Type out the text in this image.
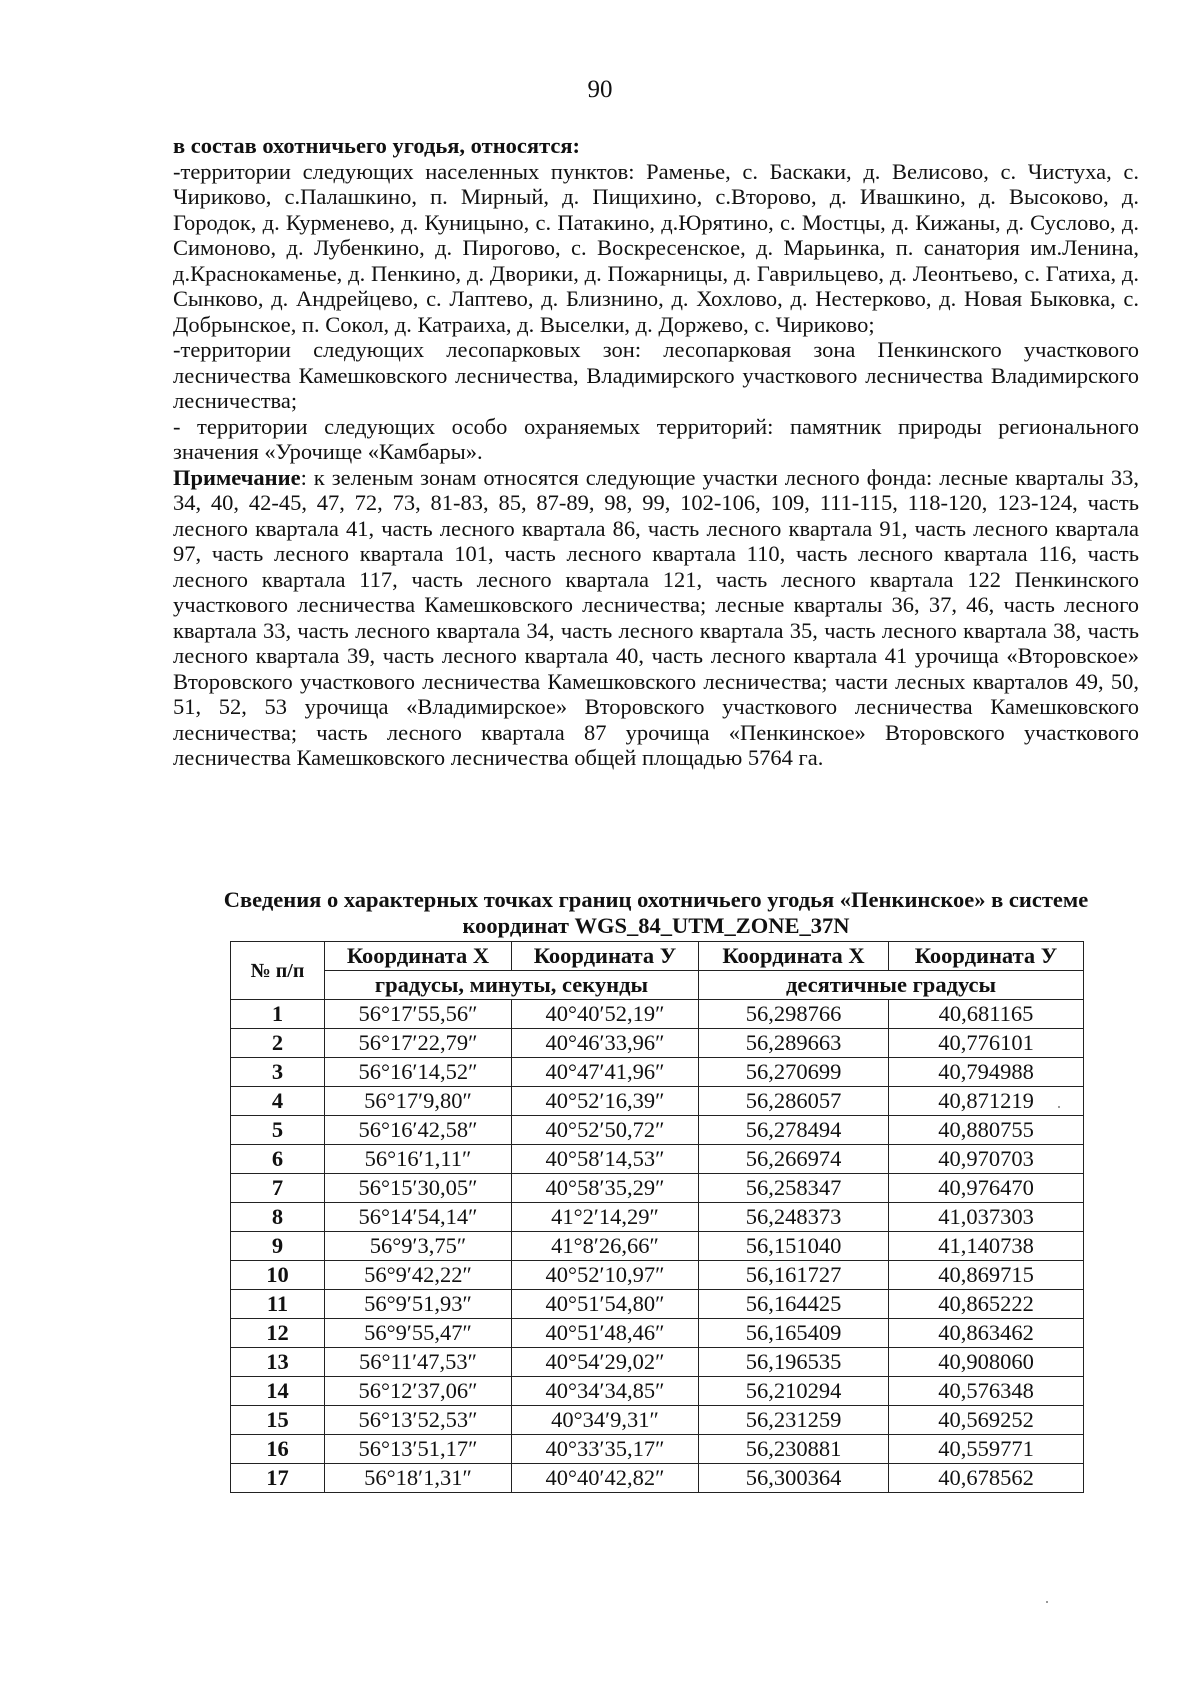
90

в состав охотничьего угодья, относятся:

-территории следующих населенных пунктов: Раменье, с. Баскаки, д. Велисово, с. Чистуха, с. Чириково, с.Палашкино, п. Мирный, д. Пищихино, с.Второво, д. Ивашкино, д. Высоково, д. Городок, д. Курменево, д. Куницыно, с. Патакино, д.Юрятино, с. Мостцы, д. Кижаны, д. Суслово, д. Симоново, д. Лубенкино, д. Пирогово, с. Воскресенское, д. Марьинка, п. санатория им.Ленина, д.Краснокаменье, д. Пенкино, д. Дворики, д. Пожарницы, д. Гаврильцево, д. Леонтьево, с. Гатиха, д. Сынково, д. Андрейцево, с. Лаптево, д. Близнино, д. Хохлово, д. Нестерково, д. Новая Быковка, с. Добрынское, п. Сокол, д. Катраиха, д. Выселки, д. Доржево, с. Чириково;

-территории следующих лесопарковых зон: лесопарковая зона Пенкинского участкового лесничества Камешковского лесничества, Владимирского участкового лесничества Владимирского лесничества;

- территории следующих особо охраняемых территорий: памятник природы регионального значения «Урочище «Камбары».

Примечание: к зеленым зонам относятся следующие участки лесного фонда: лесные кварталы 33, 34, 40, 42-45, 47, 72, 73, 81-83, 85, 87-89, 98, 99, 102-106, 109, 111-115, 118-120, 123-124, часть лесного квартала 41, часть лесного квартала 86, часть лесного квартала 91, часть лесного квартала 97, часть лесного квартала 101, часть лесного квартала 110, часть лесного квартала 116, часть лесного квартала 117, часть лесного квартала 121, часть лесного квартала 122 Пенкинского участкового лесничества Камешковского лесничества; лесные кварталы 36, 37, 46, часть лесного квартала 33, часть лесного квартала 34, часть лесного квартала 35, часть лесного квартала 38, часть лесного квартала 39, часть лесного квартала 40, часть лесного квартала 41 урочища «Второвское» Второвского участкового лесничества Камешковского лесничества; части лесных кварталов 49, 50, 51, 52, 53 урочища «Владимирское» Второвского участкового лесничества Камешковского лесничества; часть лесного квартала 87 урочища «Пенкинское» Второвского участкового лесничества Камешковского лесничества общей площадью 5764 га.

Сведения о характерных точках границ охотничьего угодья «Пенкинское» в системе
координат WGS_84_UTM_ZONE_37N
№ п/п	Координата Х	Координата У	Координата Х	Координата У
	градусы, минуты, секунды		десятичные градусы	
1	56°17′55,56″	40°40′52,19″	56,298766	40,681165
2	56°17′22,79″	40°46′33,96″	56,289663	40,776101
3	56°16′14,52″	40°47′41,96″	56,270699	40,794988
4	56°17′9,80″	40°52′16,39″	56,286057	40,871219
5	56°16′42,58″	40°52′50,72″	56,278494	40,880755
6	56°16′1,11″	40°58′14,53″	56,266974	40,970703
7	56°15′30,05″	40°58′35,29″	56,258347	40,976470
8	56°14′54,14″	41°2′14,29″	56,248373	41,037303
9	56°9′3,75″	41°8′26,66″	56,151040	41,140738
10	56°9′42,22″	40°52′10,97″	56,161727	40,869715
11	56°9′51,93″	40°51′54,80″	56,164425	40,865222
12	56°9′55,47″	40°51′48,46″	56,165409	40,863462
13	56°11′47,53″	40°54′29,02″	56,196535	40,908060
14	56°12′37,06″	40°34′34,85″	56,210294	40,576348
15	56°13′52,53″	40°34′9,31″	56,231259	40,569252
16	56°13′51,17″	40°33′35,17″	56,230881	40,559771
17	56°18′1,31″	40°40′42,82″	56,300364	40,678562
